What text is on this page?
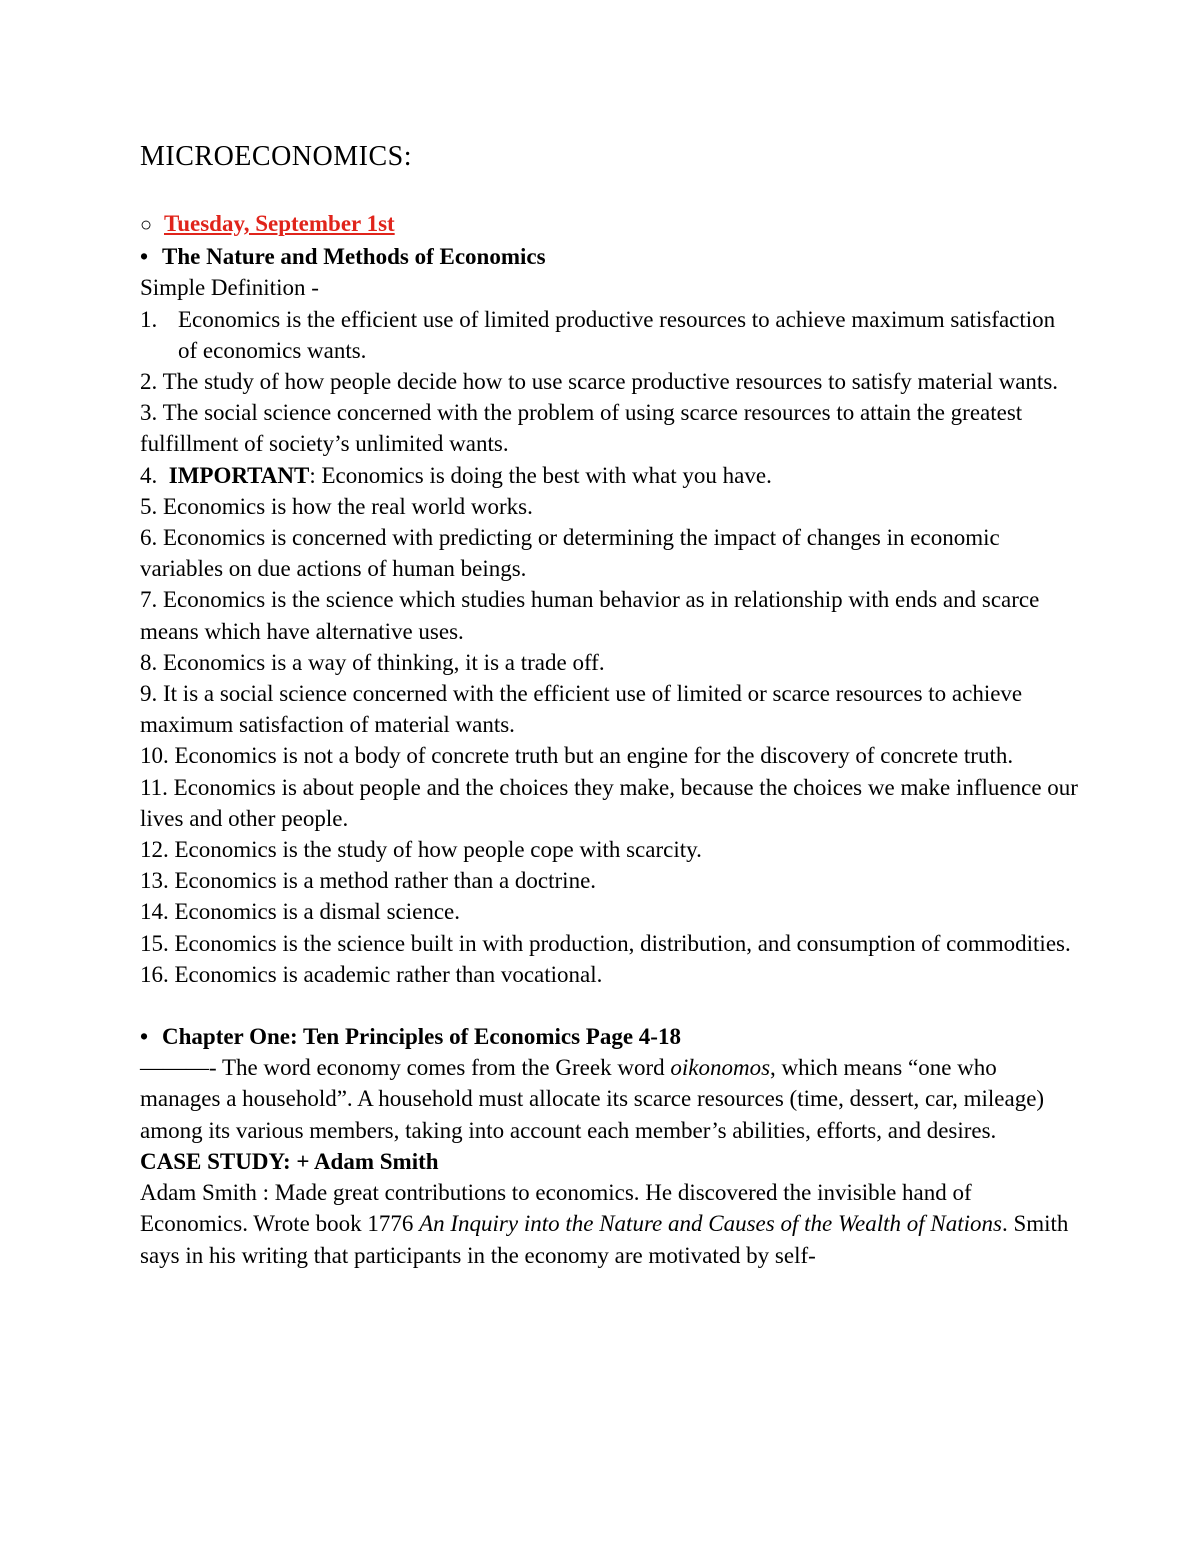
MICROECONOMICS:

○ Tuesday, September 1st

• The Nature and Methods of Economics

Simple Definition -

1. Economics is the efficient use of limited productive resources to achieve maximum satisfaction of economics wants.

2. The study of how people decide how to use scarce productive resources to satisfy material wants.

3. The social science concerned with the problem of using scarce resources to attain the greatest fulfillment of society’s unlimited wants.

4. IMPORTANT: Economics is doing the best with what you have.

5. Economics is how the real world works.

6. Economics is concerned with predicting or determining the impact of changes in economic variables on due actions of human beings.

7. Economics is the science which studies human behavior as in relationship with ends and scarce means which have alternative uses.

8. Economics is a way of thinking, it is a trade off.

9. It is a social science concerned with the efficient use of limited or scarce resources to achieve maximum satisfaction of material wants.

10. Economics is not a body of concrete truth but an engine for the discovery of concrete truth.

11. Economics is about people and the choices they make, because the choices we make influence our lives and other people.

12. Economics is the study of how people cope with scarcity.

13. Economics is a method rather than a doctrine.

14. Economics is a dismal science.

15. Economics is the science built in with production, distribution, and consumption of commodities.

16. Economics is academic rather than vocational.

• Chapter One: Ten Principles of Economics Page 4-18

———- The word economy comes from the Greek word oikonomos, which means “one who manages a household”. A household must allocate its scarce resources (time, dessert, car, mileage) among its various members, taking into account each member’s abilities, efforts, and desires.

CASE STUDY: + Adam Smith

Adam Smith : Made great contributions to economics. He discovered the invisible hand of Economics. Wrote book 1776 An Inquiry into the Nature and Causes of the Wealth of Nations. Smith says in his writing that participants in the economy are motivated by self-
